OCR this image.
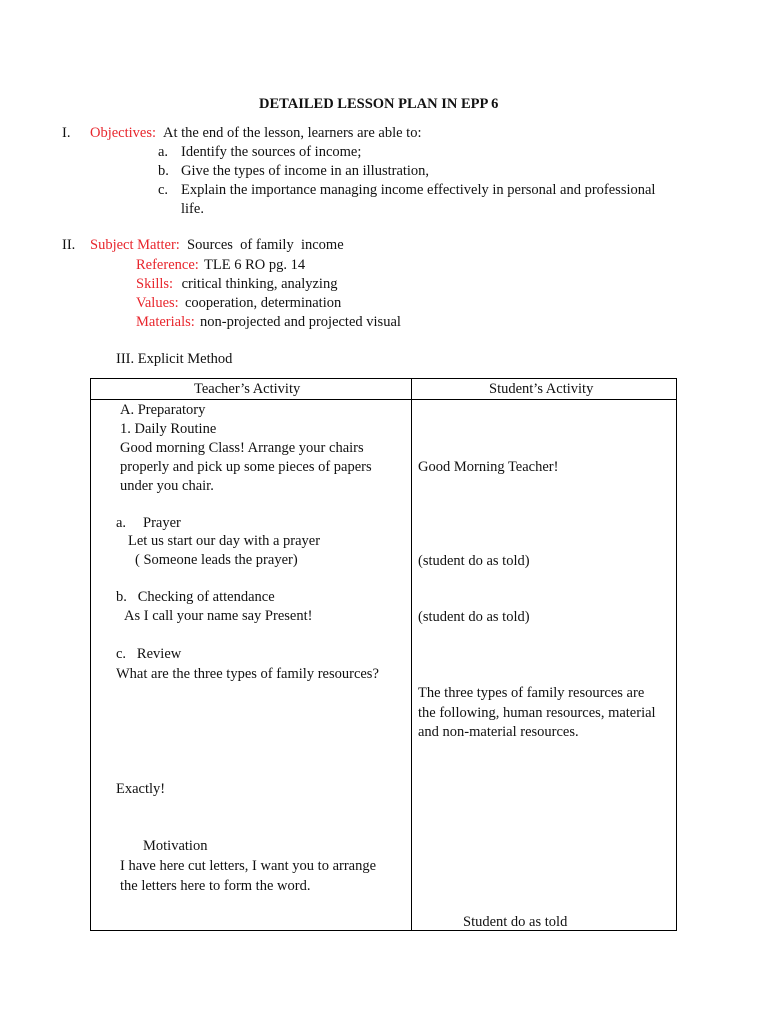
DETAILED LESSON PLAN IN EPP 6
I. Objectives: At the end of the lesson, learners are able to:
a. Identify the sources of income;
b. Give the types of income in an illustration,
c. Explain the importance managing income effectively in personal and professional
life.
II. Subject Matter: Sources  of family  income
Reference: TLE 6 RO pg. 14
Skills: critical thinking, analyzing
Values: cooperation, determination
Materials: non-projected and projected visual
III. Explicit Method
Teacher’s Activity	Student’s Activity
A. Preparatory
1. Daily Routine
Good morning Class! Arrange your chairs
properly and pick up some pieces of papers
under you chair.
a. Prayer
Let us start our day with a prayer
( Someone leads the prayer)
b.   Checking of attendance
As I call your name say Present!
c.   Review
What are the three types of family resources?
Exactly!
Motivation
I have here cut letters, I want you to arrange
the letters here to form the word.
Good Morning Teacher!
(student do as told)
(student do as told)
The three types of family resources are
the following, human resources, material
and non-material resources.
Student do as told
